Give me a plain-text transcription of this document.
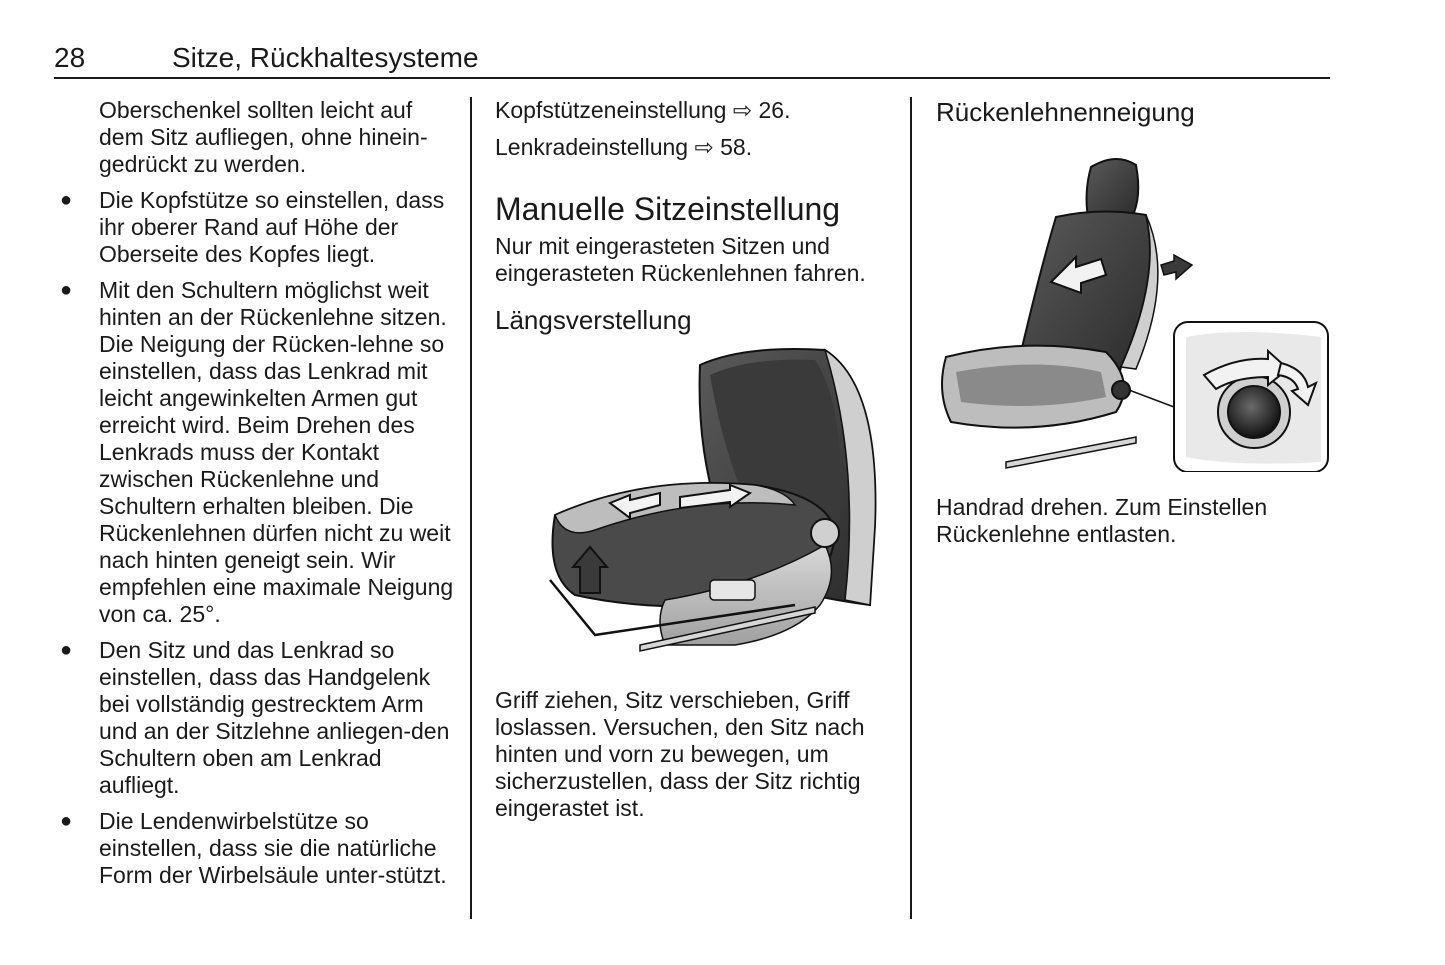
28	Sitze, Rückhaltesysteme

Oberschenkel sollten leicht auf dem Sitz aufliegen, ohne hinein-gedrückt zu werden.

● Die Kopfstütze so einstellen, dass ihr oberer Rand auf Höhe der Oberseite des Kopfes liegt.
● Mit den Schultern möglichst weit hinten an der Rückenlehne sitzen. Die Neigung der Rücken-lehne so einstellen, dass das Lenkrad mit leicht angewinkelten Armen gut erreicht wird. Beim Drehen des Lenkrads muss der Kontakt zwischen Rückenlehne und Schultern erhalten bleiben. Die Rückenlehnen dürfen nicht zu weit nach hinten geneigt sein. Wir empfehlen eine maximale Neigung von ca. 25°.
● Den Sitz und das Lenkrad so einstellen, dass das Handgelenk bei vollständig gestrecktem Arm und an der Sitzlehne anliegen-den Schultern oben am Lenkrad aufliegt.
● Die Lendenwirbelstütze so einstellen, dass sie die natürliche Form der Wirbelsäule unter-stützt.

Kopfstützeneinstellung ⇨ 26.

Lenkradeinstellung ⇨ 58.

Manuelle Sitzeinstellung

Nur mit eingerasteten Sitzen und eingerasteten Rückenlehnen fahren.

Längsverstellung

Griff ziehen, Sitz verschieben, Griff loslassen. Versuchen, den Sitz nach hinten und vorn zu bewegen, um sicherzustellen, dass der Sitz richtig eingerastet ist.

Rückenlehnenneigung

Handrad drehen. Zum Einstellen Rückenlehne entlasten.
